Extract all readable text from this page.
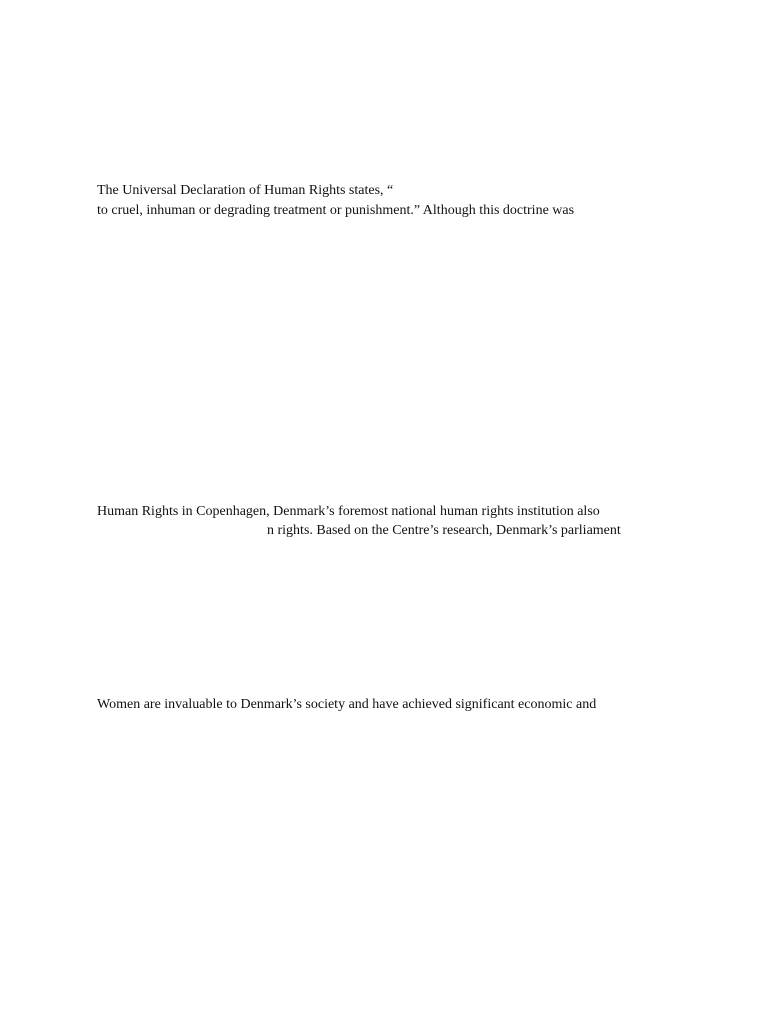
The Universal Declaration of Human Rights states, “
to cruel, inhuman or degrading treatment or punishment.” Although this doctrine was
Human Rights in Copenhagen, Denmark’s foremost national human rights institution also
n rights. Based on the Centre’s research, Denmark’s parliament
Women are invaluable to Denmark’s society and have achieved significant economic and
